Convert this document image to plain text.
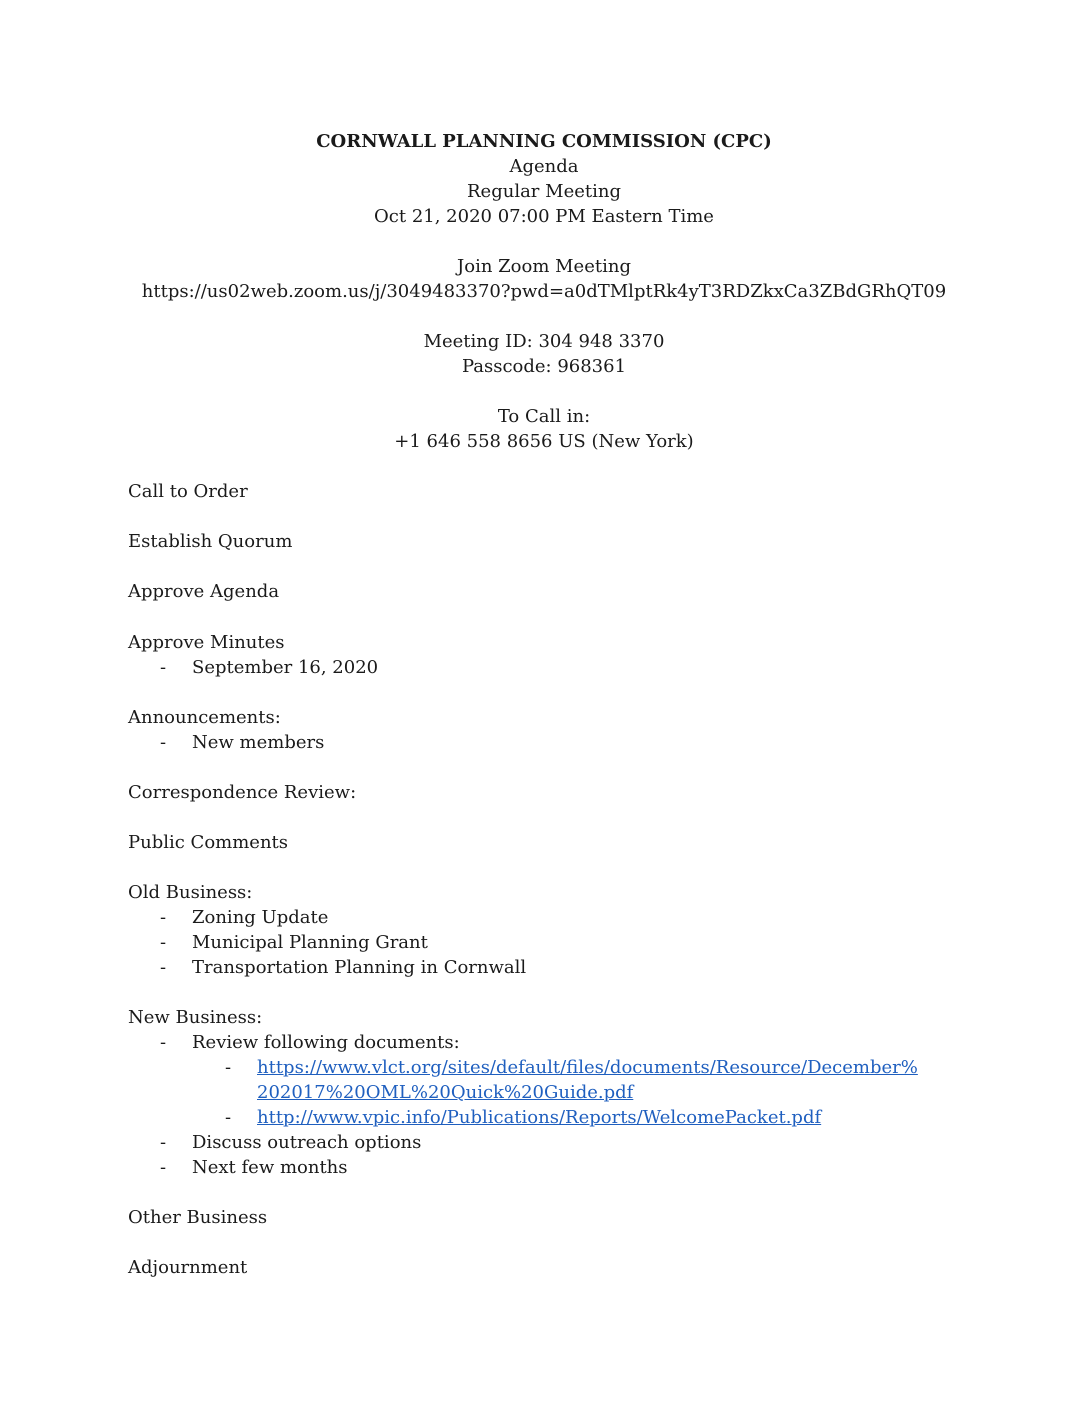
CORNWALL PLANNING COMMISSION (CPC)
Agenda
Regular Meeting
Oct 21, 2020 07:00 PM Eastern Time
Join Zoom Meeting
https://us02web.zoom.us/j/3049483370?pwd=a0dTMlptRk4yT3RDZkxCa3ZBdGRhQT09
Meeting ID: 304 948 3370
Passcode: 968361
To Call in:
+1 646 558 8656 US (New York)
Call to Order
Establish Quorum
Approve Agenda
Approve Minutes
- September 16, 2020
Announcements:
- New members
Correspondence Review:
Public Comments
Old Business:
- Zoning Update
- Municipal Planning Grant
- Transportation Planning in Cornwall
New Business:
- Review following documents:
- https://www.vlct.org/sites/default/files/documents/Resource/December%
202017%20OML%20Quick%20Guide.pdf
- http://www.vpic.info/Publications/Reports/WelcomePacket.pdf
- Discuss outreach options
- Next few months
Other Business
Adjournment
